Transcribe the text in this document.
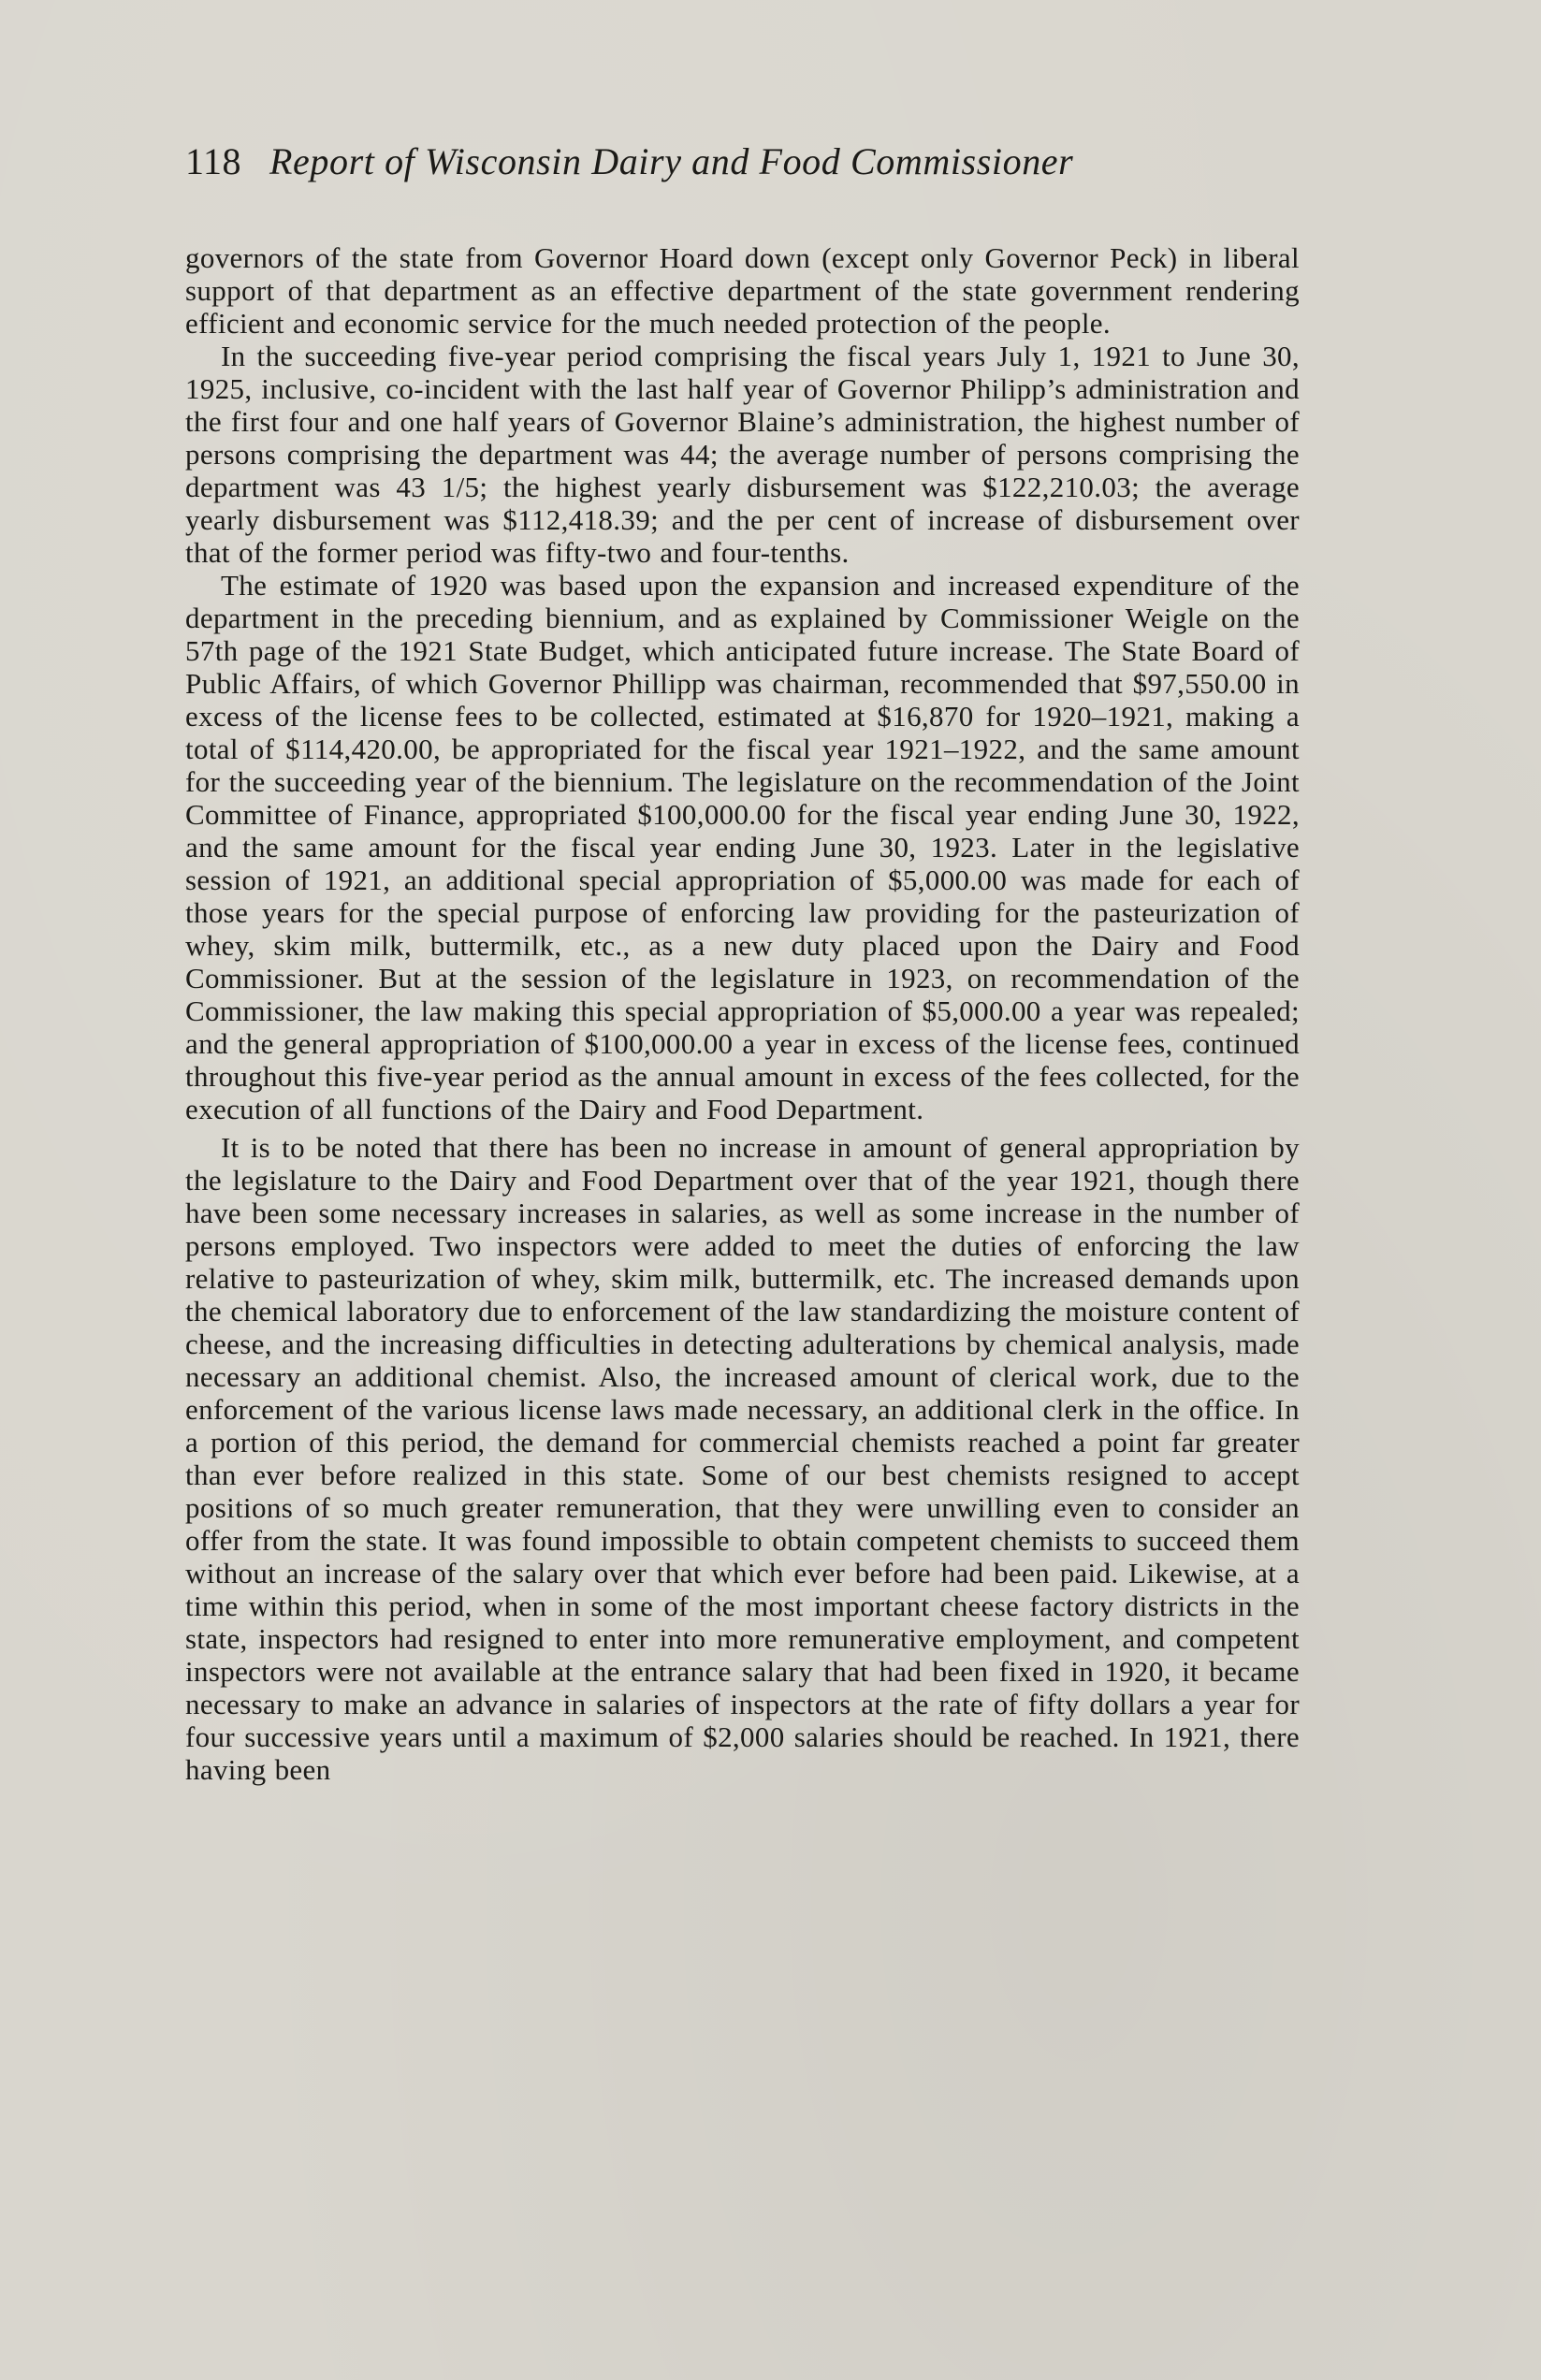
118 Report of Wisconsin Dairy and Food Commissioner

governors of the state from Governor Hoard down (except only Governor Peck) in liberal support of that department as an effective department of the state government rendering efficient and economic service for the much needed protection of the people.

In the succeeding five-year period comprising the fiscal years July 1, 1921 to June 30, 1925, inclusive, co-incident with the last half year of Governor Philipp’s administration and the first four and one half years of Governor Blaine’s administration, the highest number of persons comprising the department was 44; the average number of persons comprising the department was 43 1/5; the highest yearly disbursement was $122,210.03; the average yearly disbursement was $112,418.39; and the per cent of increase of disbursement over that of the former period was fifty-two and four-tenths.

The estimate of 1920 was based upon the expansion and increased expenditure of the department in the preceding biennium, and as explained by Commissioner Weigle on the 57th page of the 1921 State Budget, which anticipated future increase. The State Board of Public Affairs, of which Governor Phillipp was chairman, recommended that $97,550.00 in excess of the license fees to be collected, estimated at $16,870 for 1920–1921, making a total of $114,420.00, be appropriated for the fiscal year 1921–1922, and the same amount for the succeeding year of the biennium. The legislature on the recommendation of the Joint Committee of Finance, appropriated $100,000.00 for the fiscal year ending June 30, 1922, and the same amount for the fiscal year ending June 30, 1923. Later in the legislative session of 1921, an additional special appropriation of $5,000.00 was made for each of those years for the special purpose of enforcing law providing for the pasteurization of whey, skim milk, buttermilk, etc., as a new duty placed upon the Dairy and Food Commissioner. But at the session of the legislature in 1923, on recommendation of the Commissioner, the law making this special appropriation of $5,000.00 a year was repealed; and the general appropriation of $100,000.00 a year in excess of the license fees, continued throughout this five-year period as the annual amount in excess of the fees collected, for the execution of all functions of the Dairy and Food Department.

It is to be noted that there has been no increase in amount of general appropriation by the legislature to the Dairy and Food Department over that of the year 1921, though there have been some necessary increases in salaries, as well as some increase in the number of persons employed. Two inspectors were added to meet the duties of enforcing the law relative to pasteurization of whey, skim milk, buttermilk, etc. The increased demands upon the chemical laboratory due to enforcement of the law standardizing the moisture content of cheese, and the increasing difficulties in detecting adulterations by chemical analysis, made necessary an additional chemist. Also, the increased amount of clerical work, due to the enforcement of the various license laws made necessary, an additional clerk in the office. In a portion of this period, the demand for commercial chemists reached a point far greater than ever before realized in this state. Some of our best chemists resigned to accept positions of so much greater remuneration, that they were unwilling even to consider an offer from the state. It was found impossible to obtain competent chemists to succeed them without an increase of the salary over that which ever before had been paid. Likewise, at a time within this period, when in some of the most important cheese factory districts in the state, inspectors had resigned to enter into more remunerative employment, and competent inspectors were not available at the entrance salary that had been fixed in 1920, it became necessary to make an advance in salaries of inspectors at the rate of fifty dollars a year for four successive years until a maximum of $2,000 salaries should be reached. In 1921, there having been
